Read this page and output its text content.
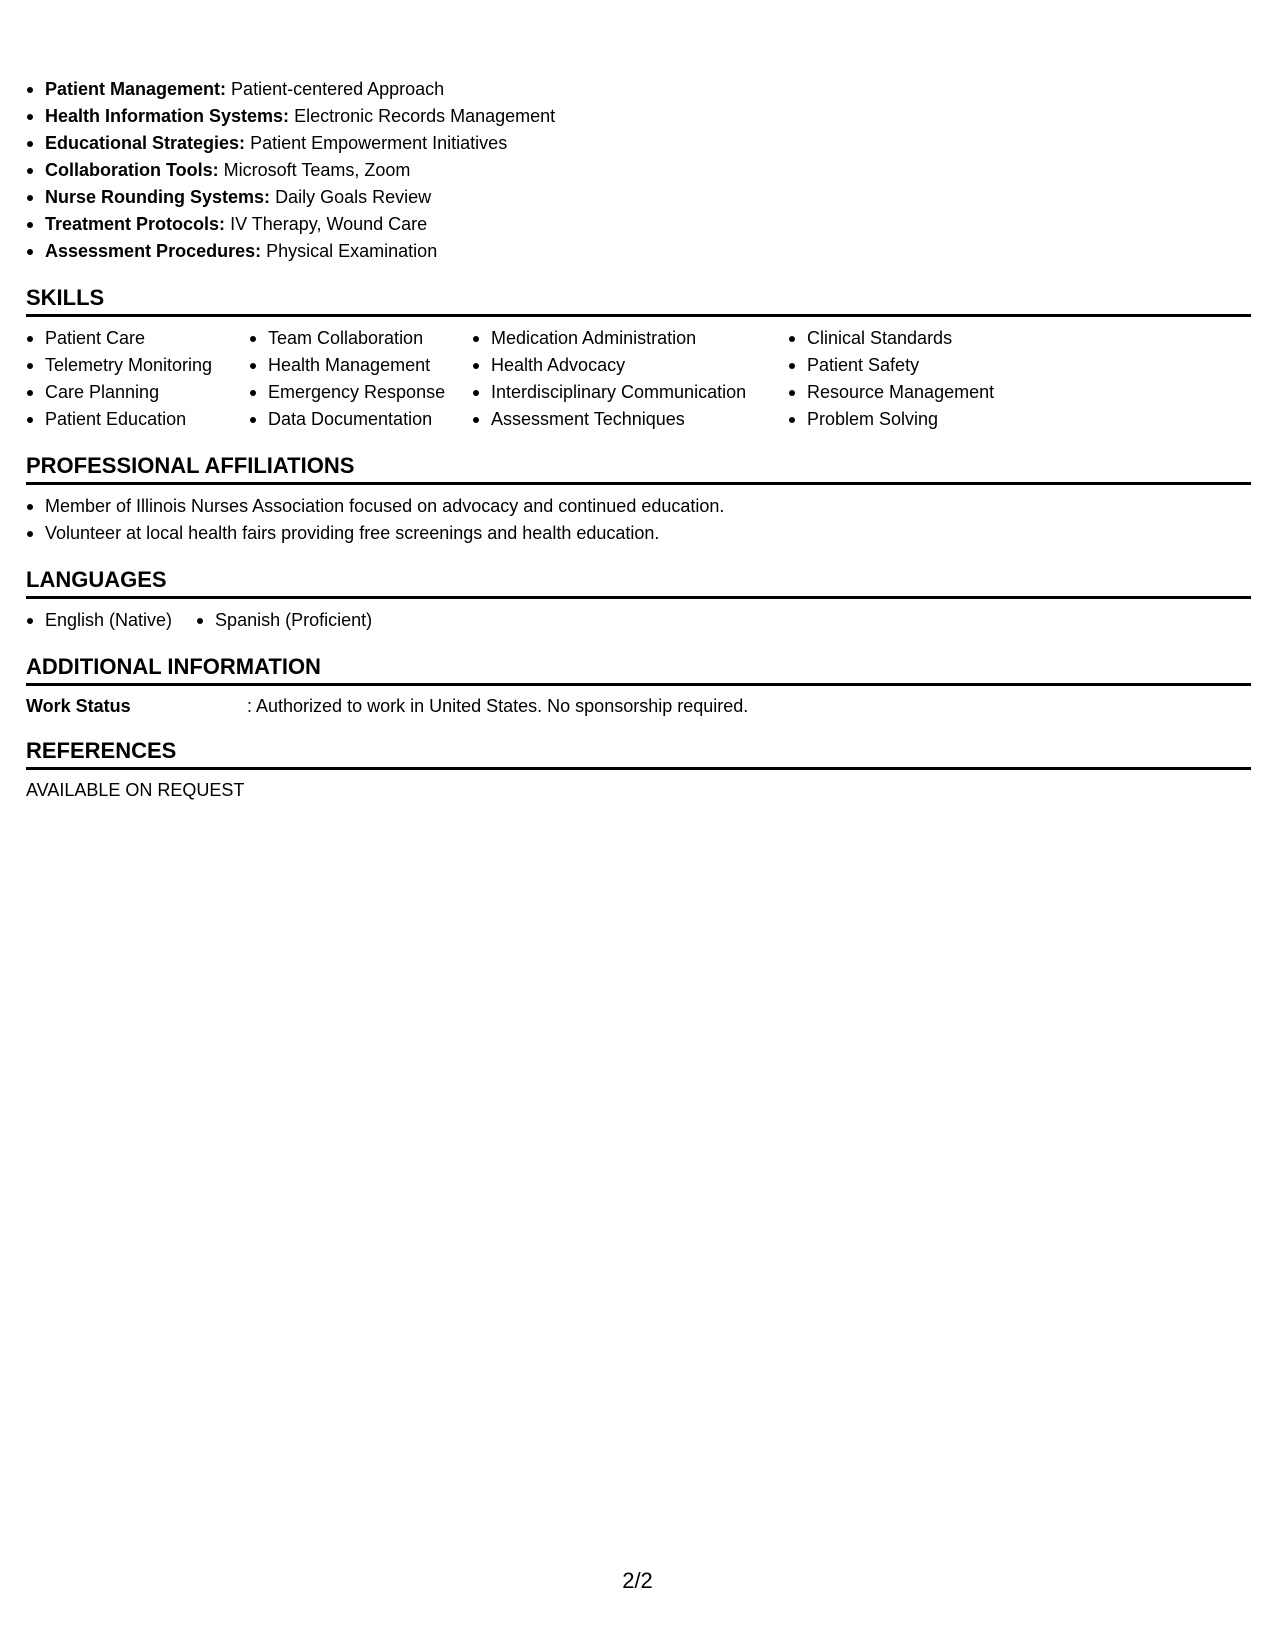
Patient Management: Patient-centered Approach
Health Information Systems: Electronic Records Management
Educational Strategies: Patient Empowerment Initiatives
Collaboration Tools: Microsoft Teams, Zoom
Nurse Rounding Systems: Daily Goals Review
Treatment Protocols: IV Therapy, Wound Care
Assessment Procedures: Physical Examination
SKILLS
Patient Care
Telemetry Monitoring
Care Planning
Patient Education
Team Collaboration
Health Management
Emergency Response
Data Documentation
Medication Administration
Health Advocacy
Interdisciplinary Communication
Assessment Techniques
Clinical Standards
Patient Safety
Resource Management
Problem Solving
PROFESSIONAL AFFILIATIONS
Member of Illinois Nurses Association focused on advocacy and continued education.
Volunteer at local health fairs providing free screenings and health education.
LANGUAGES
English (Native)	Spanish (Proficient)
ADDITIONAL INFORMATION
Work Status	: Authorized to work in United States. No sponsorship required.
REFERENCES
AVAILABLE ON REQUEST
2/2
